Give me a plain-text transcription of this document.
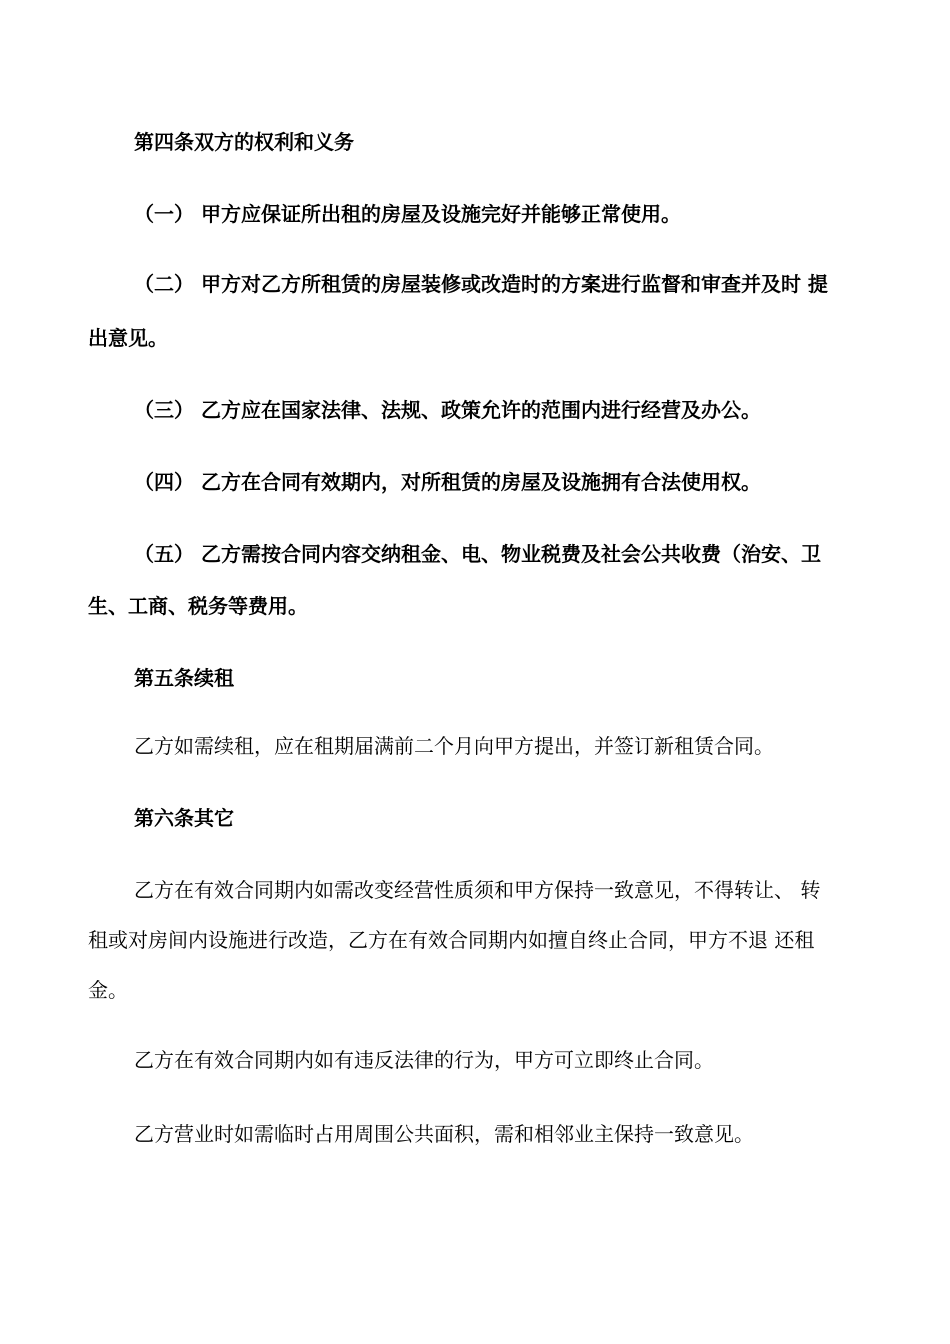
第四条双方的权利和义务
（一） 甲方应保证所出租的房屋及设施完好并能够正常使用。
（二） 甲方对乙方所租赁的房屋装修或改造时的方案进行监督和审查并及时 提
出意见。
（三） 乙方应在国家法律、法规、政策允许的范围内进行经营及办公。
（四） 乙方在合同有效期内，对所租赁的房屋及设施拥有合法使用权。
（五） 乙方需按合同内容交纳租金、电、物业税费及社会公共收费（治安、卫
生、工商、税务等费用。
第五条续租
乙方如需续租，应在租期届满前二个月向甲方提出，并签订新租赁合同。
第六条其它
乙方在有效合同期内如需改变经营性质须和甲方保持一致意见，不得转让、 转
租或对房间内设施进行改造，乙方在有效合同期内如擅自终止合同，甲方不退 还租
金。
乙方在有效合同期内如有违反法律的行为，甲方可立即终止合同。
乙方营业时如需临时占用周围公共面积，需和相邻业主保持一致意见。
